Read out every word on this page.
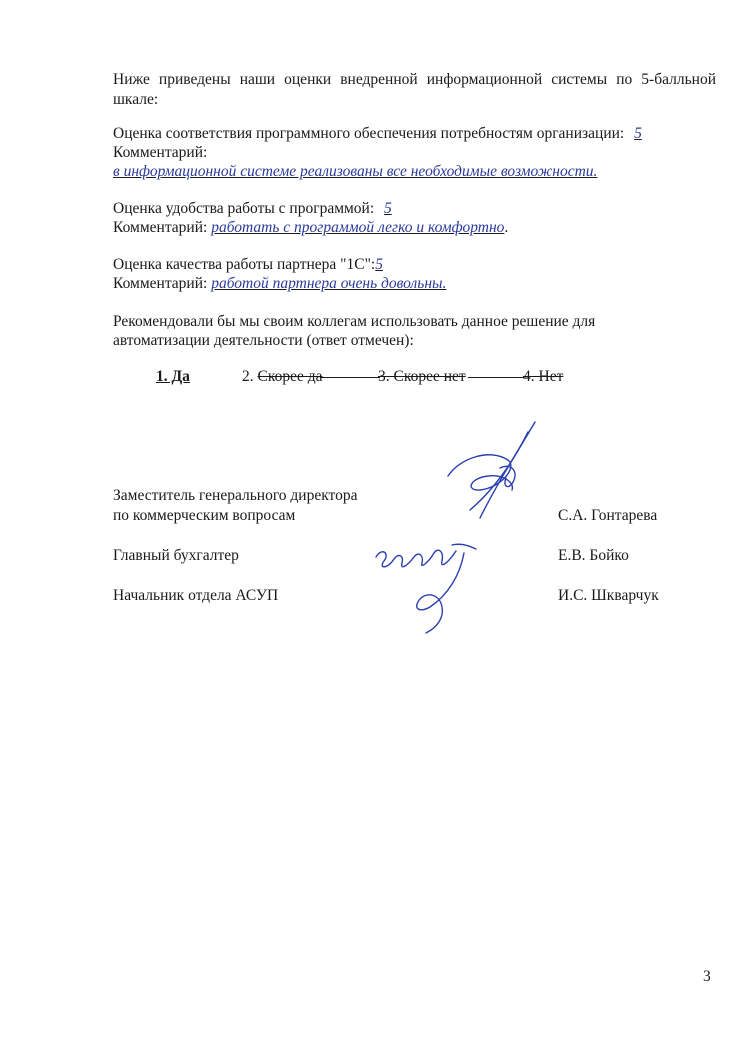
Ниже приведены наши оценки внедренной информационной системы по 5-балльной шкале:
Оценка соответствия программного обеспечения потребностям организации: 5
Комментарий:
в информационной системе реализованы все необходимые возможности.
Оценка удобства работы с программой: 5
Комментарий: работать с программой легко и комфортно.
Оценка качества работы партнера "1С":5
Комментарий: работой партнера очень довольны.
Рекомендовали бы мы своим коллегам использовать данное решение для
автоматизации деятельности (ответ отмечен):
1. Да	2. Скорее да	3. Скорее нет	4. Нет
Заместитель генерального директора
по коммерческим вопросам	С.А. Гонтарева
Главный бухгалтер	Е.В. Бойко
Начальник отдела АСУП	И.С. Шкварчук
3
